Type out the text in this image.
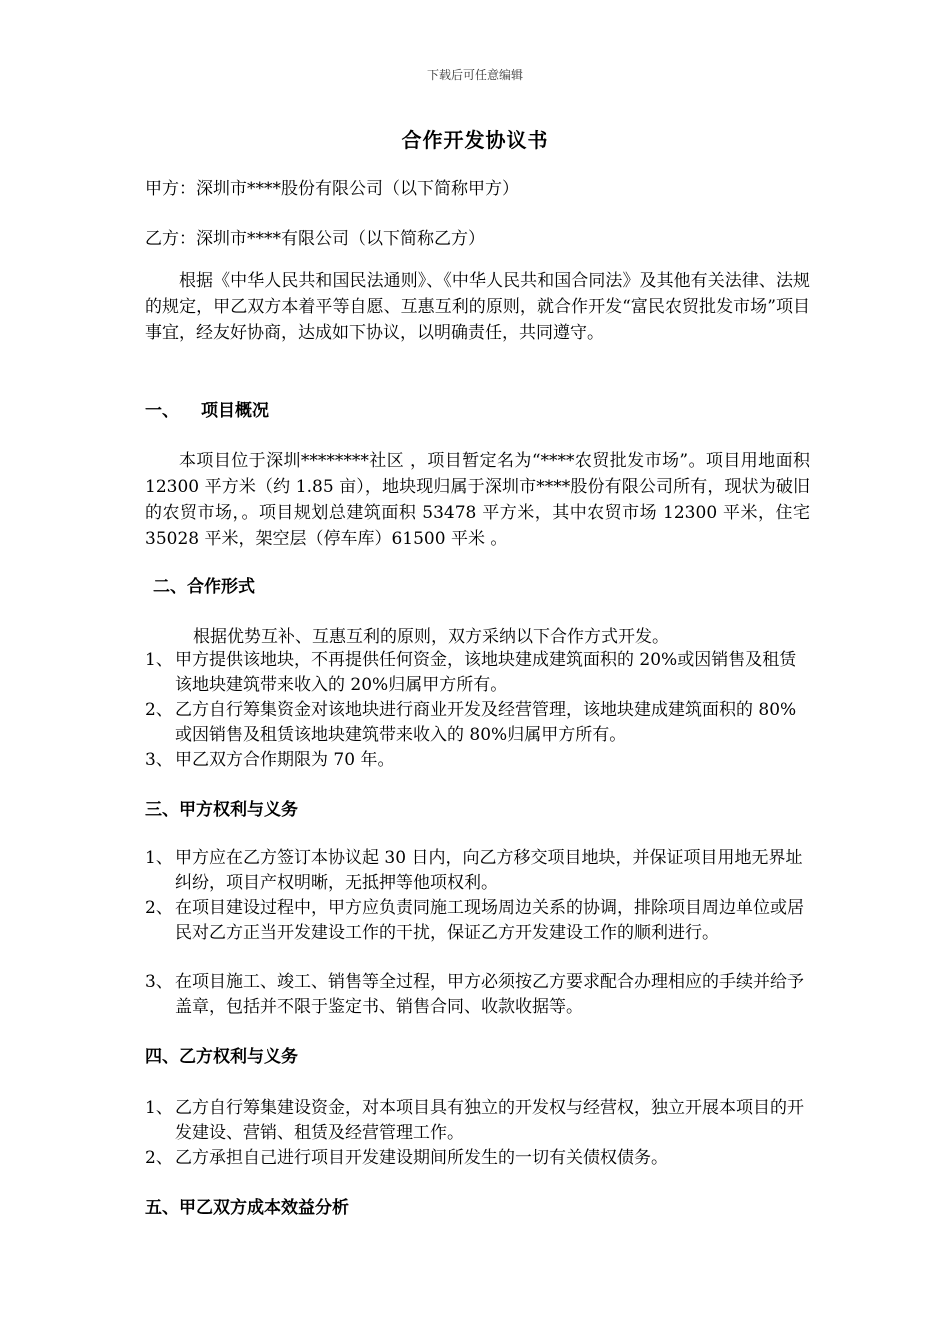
下载后可任意编辑
合作开发协议书
甲方：深圳市****股份有限公司（以下简称甲方）
乙方：深圳市****有限公司（以下简称乙方）
根据《中华人民共和国民法通则》、《中华人民共和国合同法》及其他有关法律、法规的规定，甲乙双方本着平等自愿、互惠互利的原则，就合作开发“富民农贸批发市场”项目事宜，经友好协商，达成如下协议，以明确责任，共同遵守。
一、 项目概况
本项目位于深圳********社区 ，项目暂定名为“****农贸批发市场”。项目用地面积 12300 平方米（约 1.85 亩），地块现归属于深圳市****股份有限公司所有，现状为破旧的农贸市场，。项目规划总建筑面积 53478 平方米，其中农贸市场 12300 平米，住宅 35028 平米，架空层（停车库）61500 平米 。
二、合作形式
根据优势互补、互惠互利的原则，双方采纳以下合作方式开发。
1、 甲方提供该地块，不再提供任何资金，该地块建成建筑面积的 20%或因销售及租赁该地块建筑带来收入的 20%归属甲方所有。
2、 乙方自行筹集资金对该地块进行商业开发及经营管理，该地块建成建筑面积的 80%或因销售及租赁该地块建筑带来收入的 80%归属甲方所有。
3、 甲乙双方合作期限为 70 年。
三、甲方权利与义务
1、 甲方应在乙方签订本协议起 30 日内，向乙方移交项目地块，并保证项目用地无界址纠纷，项目产权明晰，无抵押等他项权利。
2、 在项目建设过程中，甲方应负责同施工现场周边关系的协调，排除项目周边单位或居民对乙方正当开发建设工作的干扰，保证乙方开发建设工作的顺利进行。
3、 在项目施工、竣工、销售等全过程，甲方必须按乙方要求配合办理相应的手续并给予盖章，包括并不限于鉴定书、销售合同、收款收据等。
四、乙方权利与义务
1、 乙方自行筹集建设资金，对本项目具有独立的开发权与经营权，独立开展本项目的开发建设、营销、租赁及经营管理工作。
2、 乙方承担自己进行项目开发建设期间所发生的一切有关债权债务。
五、甲乙双方成本效益分析
